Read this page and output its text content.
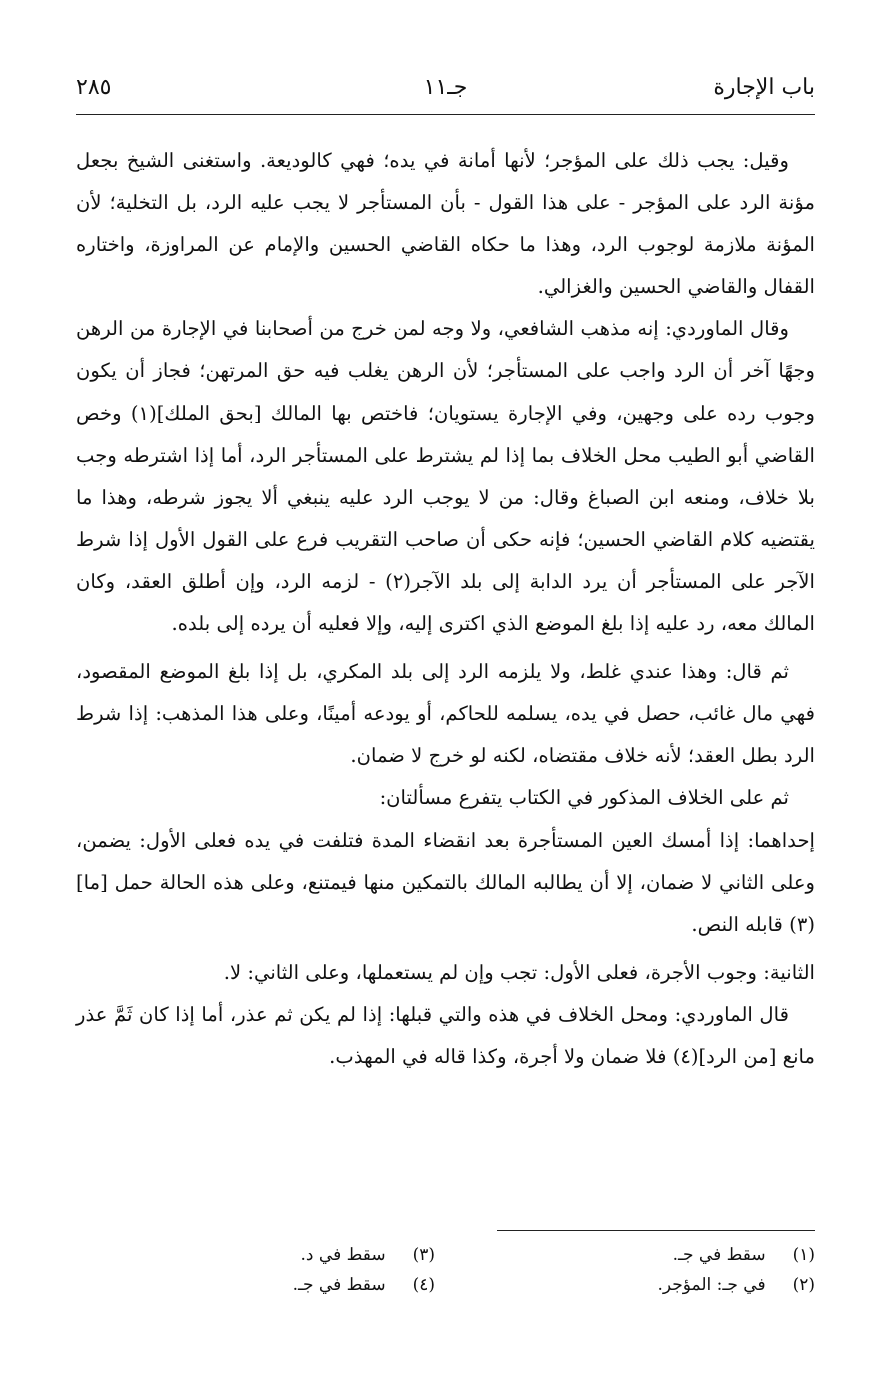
باب الإجارة
جـ١١
٢٨٥

وقيل: يجب ذلك على المؤجر؛ لأنها أمانة في يده؛ فهي كالوديعة. واستغنى الشيخ بجعل مؤنة الرد على المؤجر - على هذا القول - بأن المستأجر لا يجب عليه الرد، بل التخلية؛ لأن المؤنة ملازمة لوجوب الرد، وهذا ما حكاه القاضي الحسين والإمام عن المراوزة، واختاره القفال والقاضي الحسين والغزالي.

وقال الماوردي: إنه مذهب الشافعي، ولا وجه لمن خرج من أصحابنا في الإجارة من الرهن وجهًا آخر أن الرد واجب على المستأجر؛ لأن الرهن يغلب فيه حق المرتهن؛ فجاز أن يكون وجوب رده على وجهين، وفي الإجارة يستويان؛ فاختص بها المالك [بحق الملك](١) وخص القاضي أبو الطيب محل الخلاف بما إذا لم يشترط على المستأجر الرد، أما إذا اشترطه وجب بلا خلاف، ومنعه ابن الصباغ وقال: من لا يوجب الرد عليه ينبغي ألا يجوز شرطه، وهذا ما يقتضيه كلام القاضي الحسين؛ فإنه حكى أن صاحب التقريب فرع على القول الأول إذا شرط الآجر على المستأجر أن يرد الدابة إلى بلد الآجر(٢) - لزمه الرد، وإن أطلق العقد، وكان المالك معه، رد عليه إذا بلغ الموضع الذي اكترى إليه، وإلا فعليه أن يرده إلى بلده.

ثم قال: وهذا عندي غلط، ولا يلزمه الرد إلى بلد المكري، بل إذا بلغ الموضع المقصود، فهي مال غائب، حصل في يده، يسلمه للحاكم، أو يودعه أمينًا، وعلى هذا المذهب: إذا شرط الرد بطل العقد؛ لأنه خلاف مقتضاه، لكنه لو خرج لا ضمان.

ثم على الخلاف المذكور في الكتاب يتفرع مسألتان:

إحداهما: إذا أمسك العين المستأجرة بعد انقضاء المدة فتلفت في يده فعلى الأول: يضمن، وعلى الثاني لا ضمان، إلا أن يطالبه المالك بالتمكين منها فيمتنع، وعلى هذه الحالة حمل [ما](٣) قابله النص.

الثانية: وجوب الأجرة، فعلى الأول: تجب وإن لم يستعملها، وعلى الثاني: لا.

قال الماوردي: ومحل الخلاف في هذه والتي قبلها: إذا لم يكن ثم عذر، أما إذا كان ثَمَّ عذر مانع [من الرد](٤) فلا ضمان ولا أجرة، وكذا قاله في المهذب.

(١) سقط في جـ.
(٢) في جـ: المؤجر.
(٣) سقط في د.
(٤) سقط في جـ.
